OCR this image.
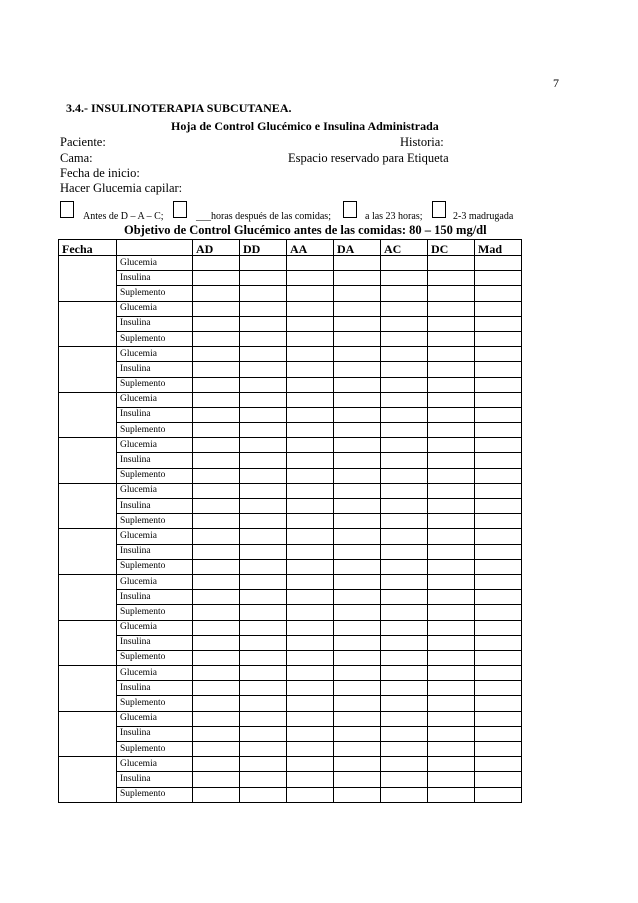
7
3.4.- INSULINOTERAPIA SUBCUTANEA.
Hoja de Control Glucémico e Insulina Administrada
Paciente:	Historia:
Cama:	Espacio reservado para Etiqueta
Fecha de inicio:
Hacer Glucemia capilar:
Antes de D – A – C;	___horas después de las comidas;	a las 23 horas;	2-3 madrugada
Objetivo de Control Glucémico antes de las comidas: 80 – 150 mg/dl
Fecha		AD	DD	AA	DA	AC	DC	Mad
	Glucemia							
	Insulina							
	Suplemento							
	Glucemia							
	Insulina							
	Suplemento							
	Glucemia							
	Insulina							
	Suplemento							
	Glucemia							
	Insulina							
	Suplemento							
	Glucemia							
	Insulina							
	Suplemento							
	Glucemia							
	Insulina							
	Suplemento							
	Glucemia							
	Insulina							
	Suplemento							
	Glucemia							
	Insulina							
	Suplemento							
	Glucemia							
	Insulina							
	Suplemento							
	Glucemia							
	Insulina							
	Suplemento							
	Glucemia							
	Insulina							
	Suplemento							
	Glucemia							
	Insulina							
	Suplemento							
